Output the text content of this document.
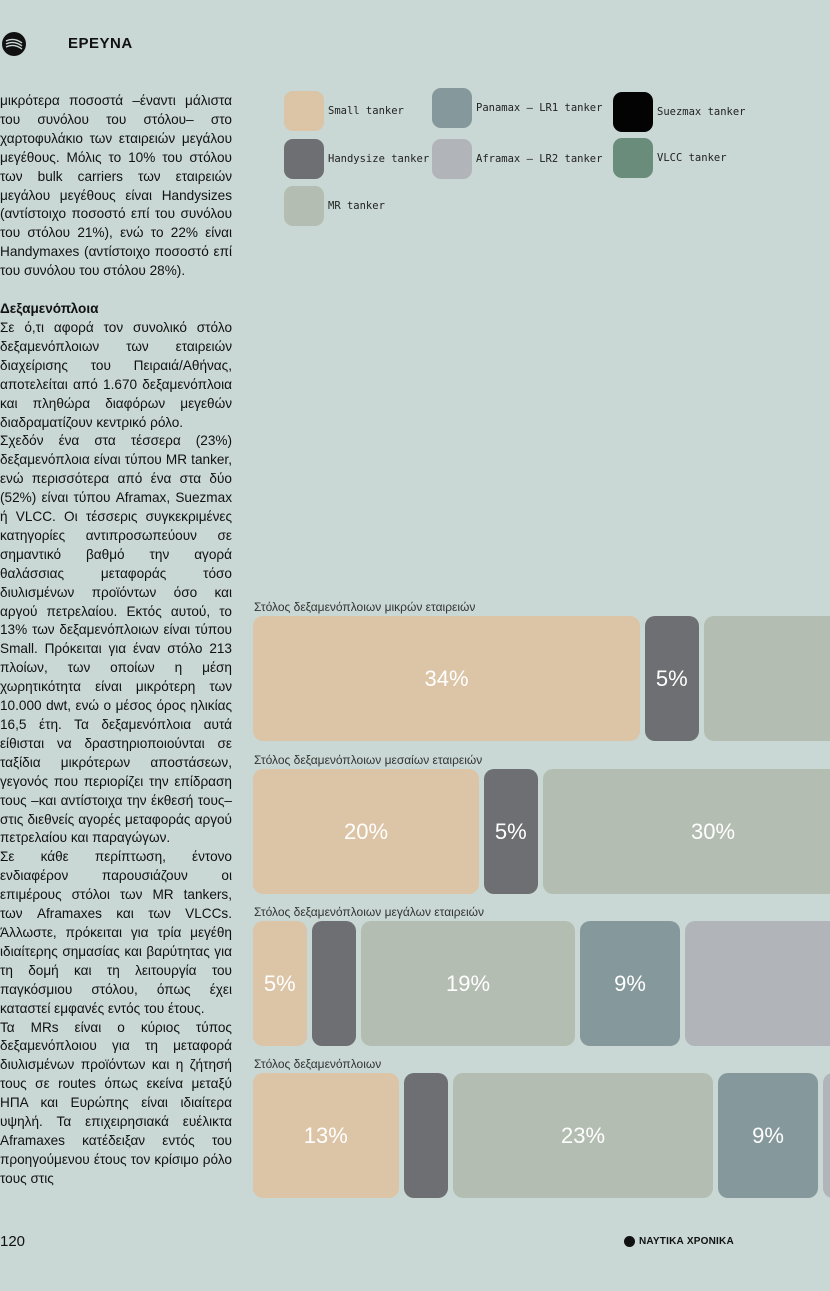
ΕΡΕΥΝΑ

μικρότερα ποσοστά –έναντι μάλιστα του συνόλου του στόλου– στο χαρτοφυλάκιο των εταιρειών μεγάλου μεγέθους. Μόλις το 10% του στόλου των bulk carriers των εταιρειών μεγάλου μεγέθους είναι Handysizes (αντίστοιχο ποσοστό επί του συνόλου του στόλου 21%), ενώ το 22% είναι Handymaxes (αντίστοιχο ποσοστό επί του συνόλου του στόλου 28%).

Δεξαμενόπλοια

Σε ό,τι αφορά τον συνολικό στόλο δεξαμενόπλοιων των εταιρειών διαχείρισης του Πειραιά/Αθήνας, αποτελείται από 1.670 δεξαμενόπλοια και πληθώρα διαφόρων μεγεθών διαδραματίζουν κεντρικό ρόλο.

Σχεδόν ένα στα τέσσερα (23%) δεξαμενόπλοια είναι τύπου MR tanker, ενώ περισσότερα από ένα στα δύο (52%) είναι τύπου Aframax, Suezmax ή VLCC. Οι τέσσερις συγκεκριμένες κατηγορίες αντιπροσωπεύουν σε σημαντικό βαθμό την αγορά θαλάσσιας μεταφοράς τόσο διυλισμένων προϊόντων όσο και αργού πετρελαίου. Εκτός αυτού, το 13% των δεξαμενόπλοιων είναι τύπου Small. Πρόκειται για έναν στόλο 213 πλοίων, των οποίων η μέση χωρητικότητα είναι μικρότερη των 10.000 dwt, ενώ ο μέσος όρος ηλικίας 16,5 έτη. Τα δεξαμενόπλοια αυτά είθισται να δραστηριοποιούνται σε ταξίδια μικρότερων αποστάσεων, γεγονός που περιορίζει την επίδραση τους –και αντίστοιχα την έκθεσή τους– στις διεθνείς αγορές μεταφοράς αργού πετρελαίου και παραγώγων.

Σε κάθε περίπτωση, έντονο ενδιαφέρον παρουσιάζουν οι επιμέρους στόλοι των MR tankers, των Aframaxes και των VLCCs. Άλλωστε, πρόκειται για τρία μεγέθη ιδιαίτερης σημασίας και βαρύτητας για τη δομή και τη λειτουργία του παγκόσμιου στόλου, όπως έχει καταστεί εμφανές εντός του έτους.

Τα MRs είναι ο κύριος τύπος δεξαμενόπλοιου για τη μεταφορά διυλισμένων προϊόντων και η ζήτησή τους σε routes όπως εκείνα μεταξύ ΗΠΑ και Ευρώπης είναι ιδιαίτερα υψηλή. Τα επιχειρησιακά ευέλικτα Aframaxes κατέδειξαν εντός του προηγούμενου έτους τον κρίσιμο ρόλο τους στις

Small tanker
Handysize tanker
MR tanker
Panamax – LR1 tanker
Aframax – LR2 tanker
Suezmax tanker
VLCC tanker
Στόλος δεξαμενόπλοιων μικρών εταιρειών
34%	5%
Στόλος δεξαμενόπλοιων μεσαίων εταιρειών
20%	5%	30%
Στόλος δεξαμενόπλοιων μεγάλων εταιρειών
5%	19%	9%
Στόλος δεξαμενόπλοιων
13%	23%	9%
120	ΝΑΥΤΙΚΑ ΧΡΟΝΙΚΑ
